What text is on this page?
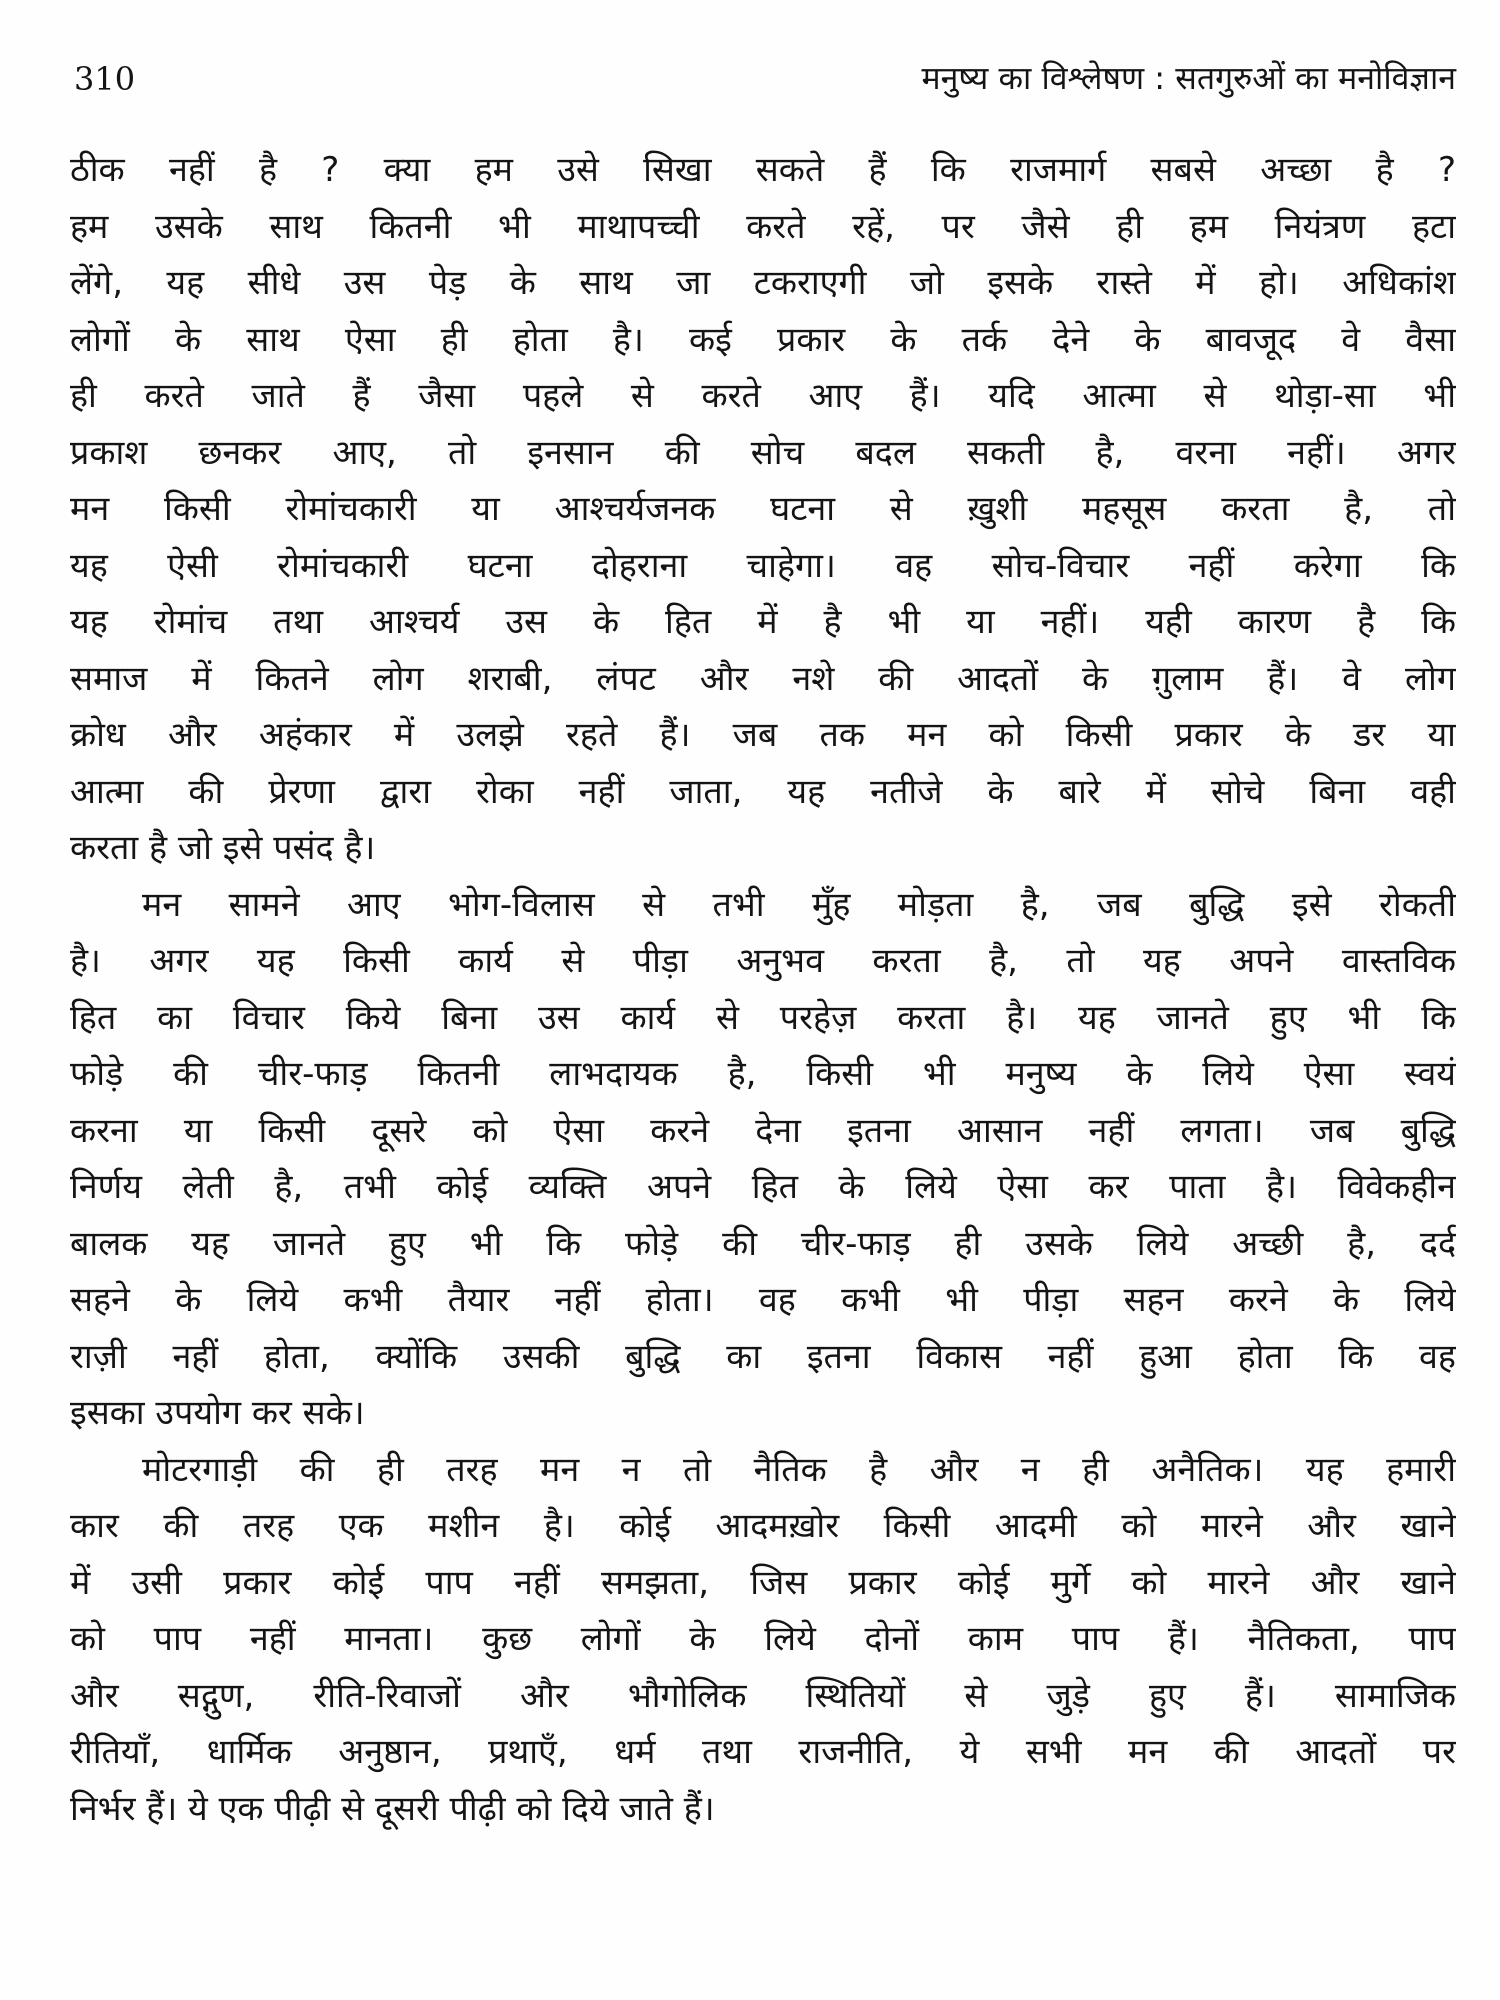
310	मनुष्य का विश्लेषण : सतगुरुओं का मनोविज्ञान
ठीक नहीं है ? क्या हम उसे सिखा सकते हैं कि राजमार्ग सबसे अच्छा है ?
हम उसके साथ कितनी भी माथापच्ची करते रहें, पर जैसे ही हम नियंत्रण हटा
लेंगे, यह सीधे उस पेड़ के साथ जा टकराएगी जो इसके रास्ते में हो। अधिकांश
लोगों के साथ ऐसा ही होता है। कई प्रकार के तर्क देने के बावजूद वे वैसा
ही करते जाते हैं जैसा पहले से करते आए हैं। यदि आत्मा से थोड़ा-सा भी
प्रकाश छनकर आए, तो इनसान की सोच बदल सकती है, वरना नहीं। अगर
मन किसी रोमांचकारी या आश्चर्यजनक घटना से ख़ुशी महसूस करता है, तो
यह ऐसी रोमांचकारी घटना दोहराना चाहेगा। वह सोच-विचार नहीं करेगा कि
यह रोमांच तथा आश्चर्य उस के हित में है भी या नहीं। यही कारण है कि
समाज में कितने लोग शराबी, लंपट और नशे की आदतों के ग़ुलाम हैं। वे लोग
क्रोध और अहंकार में उलझे रहते हैं। जब तक मन को किसी प्रकार के डर या
आत्मा की प्रेरणा द्वारा रोका नहीं जाता, यह नतीजे के बारे में सोचे बिना वही
करता है जो इसे पसंद है।
मन सामने आए भोग-विलास से तभी मुँह मोड़ता है, जब बुद्धि इसे रोकती
है। अगर यह किसी कार्य से पीड़ा अनुभव करता है, तो यह अपने वास्तविक
हित का विचार किये बिना उस कार्य से परहेज़ करता है। यह जानते हुए भी कि
फोड़े की चीर-फाड़ कितनी लाभदायक है, किसी भी मनुष्य के लिये ऐसा स्वयं
करना या किसी दूसरे को ऐसा करने देना इतना आसान नहीं लगता। जब बुद्धि
निर्णय लेती है, तभी कोई व्यक्ति अपने हित के लिये ऐसा कर पाता है। विवेकहीन
बालक यह जानते हुए भी कि फोड़े की चीर-फाड़ ही उसके लिये अच्छी है, दर्द
सहने के लिये कभी तैयार नहीं होता। वह कभी भी पीड़ा सहन करने के लिये
राज़ी नहीं होता, क्योंकि उसकी बुद्धि का इतना विकास नहीं हुआ होता कि वह
इसका उपयोग कर सके।
मोटरगाड़ी की ही तरह मन न तो नैतिक है और न ही अनैतिक। यह हमारी
कार की तरह एक मशीन है। कोई आदमख़ोर किसी आदमी को मारने और खाने
में उसी प्रकार कोई पाप नहीं समझता, जिस प्रकार कोई मुर्गे को मारने और खाने
को पाप नहीं मानता। कुछ लोगों के लिये दोनों काम पाप हैं। नैतिकता, पाप
और सद्गुण, रीति-रिवाजों और भौगोलिक स्थितियों से जुड़े हुए हैं। सामाजिक
रीतियाँ, धार्मिक अनुष्ठान, प्रथाएँ, धर्म तथा राजनीति, ये सभी मन की आदतों पर
निर्भर हैं। ये एक पीढ़ी से दूसरी पीढ़ी को दिये जाते हैं।
